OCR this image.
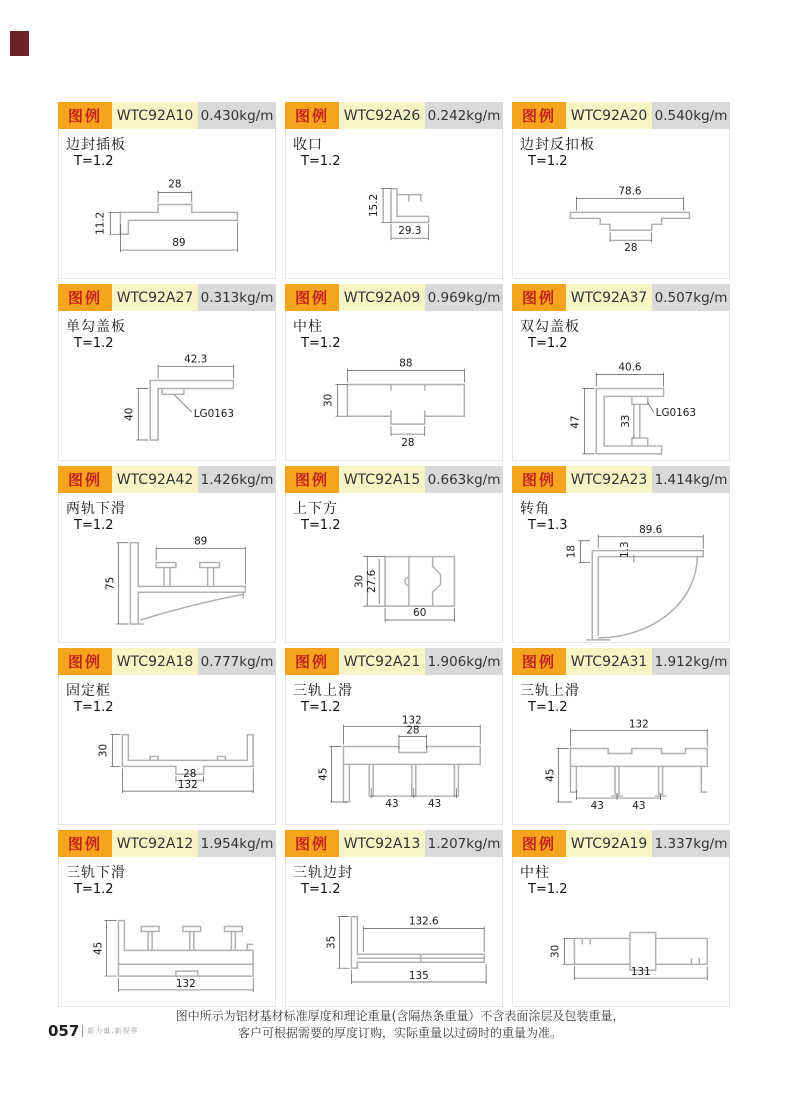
图例	WTC92A10 0.430kg/m
边封插板
T=1.2
28
89
11.2
图例	WTC92A26 0.242kg/m
收口
T=1.2
29.3
15.2
图例	WTC92A20 0.540kg/m
边封反扣板
T=1.2
78.6
28
图例	WTC92A27 0.313kg/m
单勾盖板
T=1.2
42.3
40	LG0163
图例	WTC92A09 0.969kg/m
中柱
T=1.2
88
30
28
图例	WTC92A37 0.507kg/m
双勾盖板
T=1.2
40.6
47	33
LG0163
图例	WTC92A42 1.426kg/m
两轨下滑
T=1.2
89
75
图例	WTC92A15 0.663kg/m
上下方
T=1.2
30 27.6
60
图例	WTC92A23 1.414kg/m
转角
T=1.3	89.6
18	1.3
图例	WTC92A18 0.777kg/m
固定框
T=1.2
30
28
132
图例	WTC92A21 1.906kg/m
三轨上滑
T=1.2
132
28
45
43	43
图例	WTC92A31 1.912kg/m
三轨上滑
T=1.2
132
45
43	43
图例	WTC92A12 1.954kg/m
三轨下滑
T=1.2
45
132
图例	WTC92A13 1.207kg/m
三轨边封
T=1.2
132.6
35
135
图例	WTC92A19 1.337kg/m
中柱
T=1.2
30
131
图中所示为铝材基材标准厚度和理论重量(含隔热条重量）不含表面涂层及包装重量，
客户可根据需要的厚度订购，实际重量以过磅时的重量为准。
057 新力量,新视界
